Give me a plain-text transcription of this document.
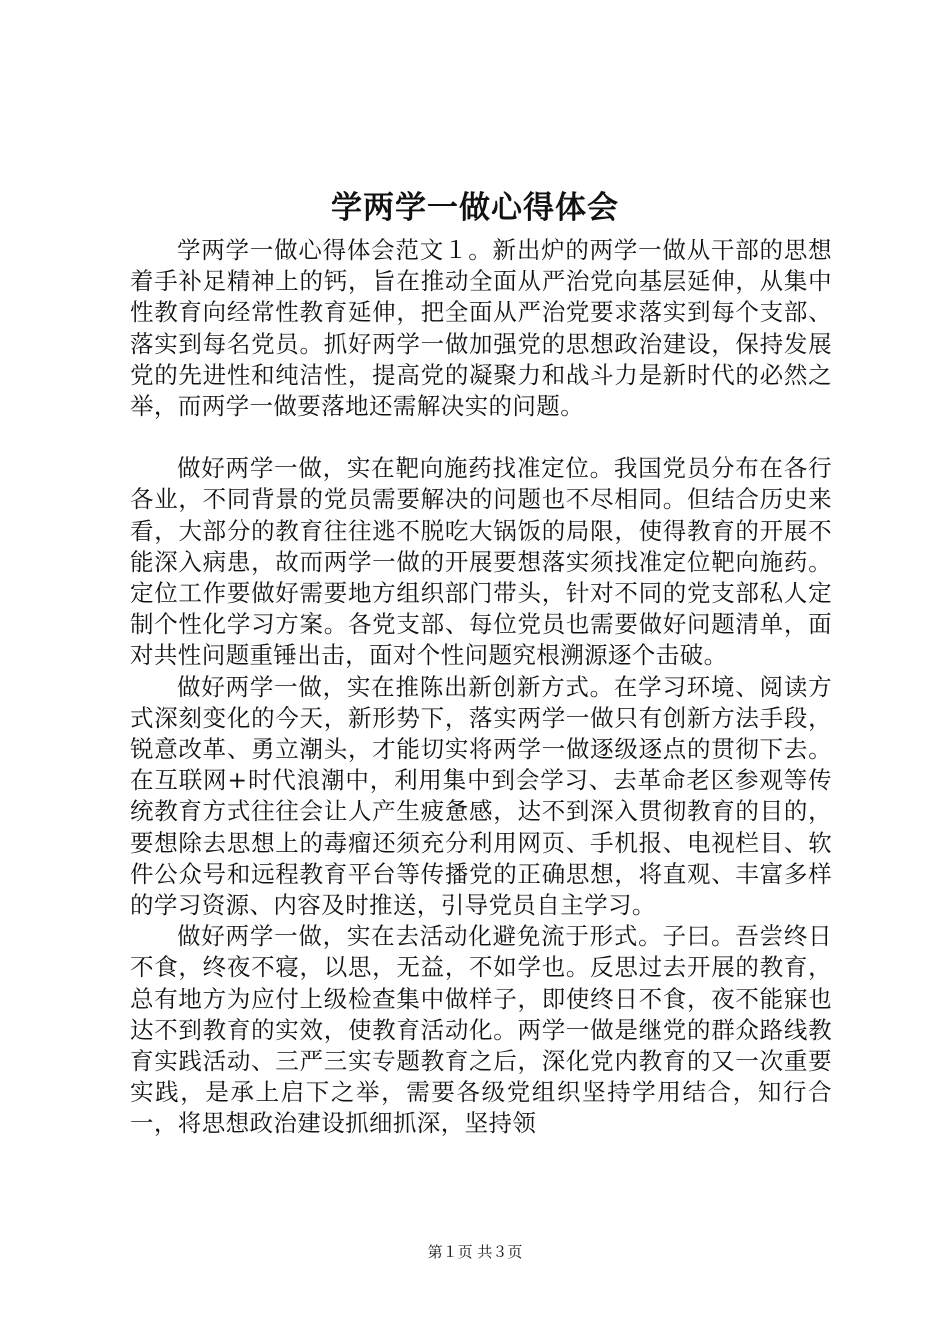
学两学一做心得体会

学两学一做心得体会范文１。新出炉的两学一做从干部的思想着手补足精神上的钙，旨在推动全面从严治党向基层延伸，从集中性教育向经常性教育延伸，把全面从严治党要求落实到每个支部、落实到每名党员。抓好两学一做加强党的思想政治建设，保持发展党的先进性和纯洁性，提高党的凝聚力和战斗力是新时代的必然之举，而两学一做要落地还需解决实的问题。

做好两学一做，实在靶向施药找准定位。我国党员分布在各行各业，不同背景的党员需要解决的问题也不尽相同。但结合历史来看，大部分的教育往往逃不脱吃大锅饭的局限，使得教育的开展不能深入病患，故而两学一做的开展要想落实须找准定位靶向施药。定位工作要做好需要地方组织部门带头，针对不同的党支部私人定制个性化学习方案。各党支部、每位党员也需要做好问题清单，面对共性问题重锤出击，面对个性问题究根溯源逐个击破。

做好两学一做，实在推陈出新创新方式。在学习环境、阅读方式深刻变化的今天，新形势下，落实两学一做只有创新方法手段，锐意改革、勇立潮头，才能切实将两学一做逐级逐点的贯彻下去。在互联网+时代浪潮中，利用集中到会学习、去革命老区参观等传统教育方式往往会让人产生疲惫感，达不到深入贯彻教育的目的，要想除去思想上的毒瘤还须充分利用网页、手机报、电视栏目、软件公众号和远程教育平台等传播党的正确思想，将直观、丰富多样的学习资源、内容及时推送，引导党员自主学习。

做好两学一做，实在去活动化避免流于形式。子曰。吾尝终日不食，终夜不寝，以思，无益，不如学也。反思过去开展的教育，总有地方为应付上级检查集中做样子，即使终日不食，夜不能寐也达不到教育的实效，使教育活动化。两学一做是继党的群众路线教育实践活动、三严三实专题教育之后，深化党内教育的又一次重要实践，是承上启下之举，需要各级党组织坚持学用结合，知行合一，将思想政治建设抓细抓深，坚持领

第１页 共３页
